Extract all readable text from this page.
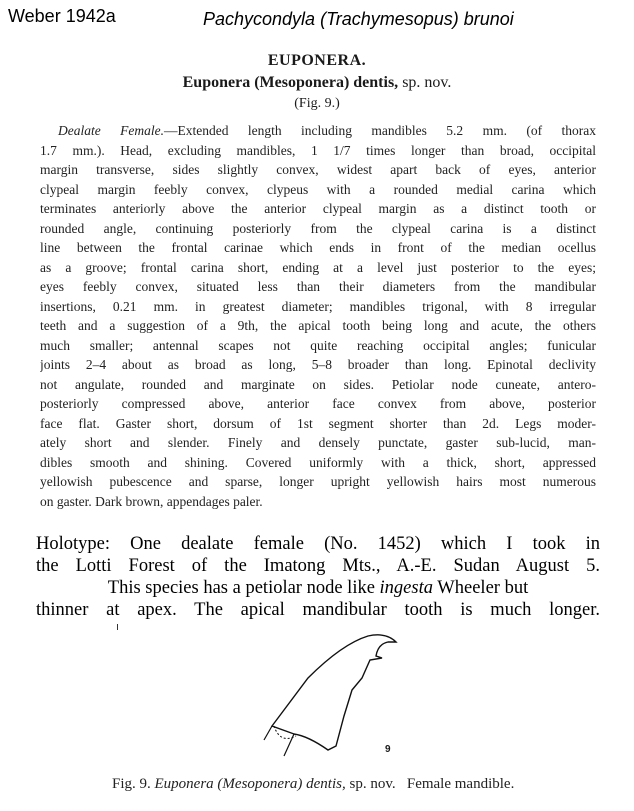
Weber 1942a	Pachycondyla (Trachymesopus) brunoi
EUPONERA.
Euponera (Mesoponera) dentis, sp. nov.
(Fig. 9.)
Dealate Female.—Extended length including mandibles 5.2 mm. (of thorax
1.7 mm.). Head, excluding mandibles, 1 1/7 times longer than broad, occipital
margin transverse, sides slightly convex, widest apart back of eyes, anterior
clypeal margin feebly convex, clypeus with a rounded medial carina which
terminates anteriorly above the anterior clypeal margin as a distinct tooth or
rounded angle, continuing posteriorly from the clypeal carina is a distinct
line between the frontal carinae which ends in front of the median ocellus
as a groove; frontal carina short, ending at a level just posterior to the eyes;
eyes feebly convex, situated less than their diameters from the mandibular
insertions, 0.21 mm. in greatest diameter; mandibles trigonal, with 8 irregular
teeth and a suggestion of a 9th, the apical tooth being long and acute, the others
much smaller; antennal scapes not quite reaching occipital angles; funicular
joints 2–4 about as broad as long, 5–8 broader than long. Epinotal declivity
not angulate, rounded and marginate on sides. Petiolar node cuneate, antero-
posteriorly compressed above, anterior face convex from above, posterior
face flat. Gaster short, dorsum of 1st segment shorter than 2d. Legs moder-
ately short and slender. Finely and densely punctate, gaster sub-lucid, man-
dibles smooth and shining. Covered uniformly with a thick, short, appressed
yellowish pubescence and sparse, longer upright yellowish hairs most numerous
on gaster. Dark brown, appendages paler.
Holotype: One dealate female (No. 1452) which I took in
the Lotti Forest of the Imatong Mts., A.-E. Sudan August 5.
This species has a petiolar node like ingesta Wheeler but
thinner at apex. The apical mandibular tooth is much longer.
9
Fig. 9. Euponera (Mesoponera) dentis, sp. nov. Female mandible.
